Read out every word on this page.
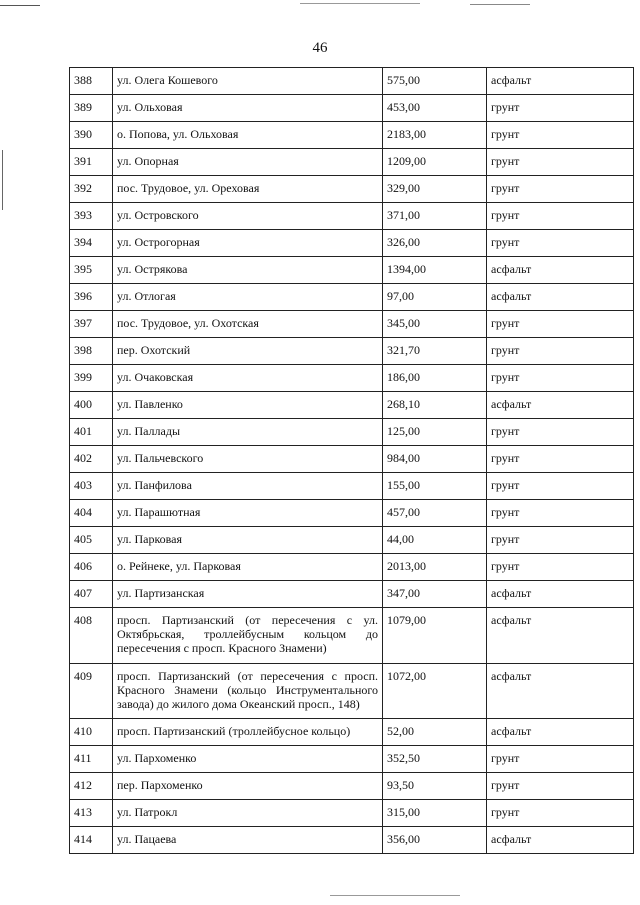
46
388	ул. Олега Кошевого	575,00	асфальт
389	ул. Ольховая	453,00	грунт
390	о. Попова, ул. Ольховая	2183,00	грунт
391	ул. Опорная	1209,00	грунт
392	пос. Трудовое, ул. Ореховая	329,00	грунт
393	ул. Островского	371,00	грунт
394	ул. Острогорная	326,00	грунт
395	ул. Острякова	1394,00	асфальт
396	ул. Отлогая	97,00	асфальт
397	пос. Трудовое, ул. Охотская	345,00	грунт
398	пер. Охотский	321,70	грунт
399	ул. Очаковская	186,00	грунт
400	ул. Павленко	268,10	асфальт
401	ул. Паллады	125,00	грунт
402	ул. Пальчевского	984,00	грунт
403	ул. Панфилова	155,00	грунт
404	ул. Парашютная	457,00	грунт
405	ул. Парковая	44,00	грунт
406	о. Рейнеке, ул. Парковая	2013,00	грунт
407	ул. Партизанская	347,00	асфальт
408	просп. Партизанский (от пересечения с ул. Октябрьская, троллейбусным кольцом до пересечения с просп. Красного Знамени)	1079,00	асфальт
409	просп. Партизанский (от пересечения с просп. Красного Знамени (кольцо Инструментального завода) до жилого дома Океанский просп., 148)	1072,00	асфальт
410	просп. Партизанский (троллейбусное кольцо)	52,00	асфальт
411	ул. Пархоменко	352,50	грунт
412	пер. Пархоменко	93,50	грунт
413	ул. Патрокл	315,00	грунт
414	ул. Пацаева	356,00	асфальт
